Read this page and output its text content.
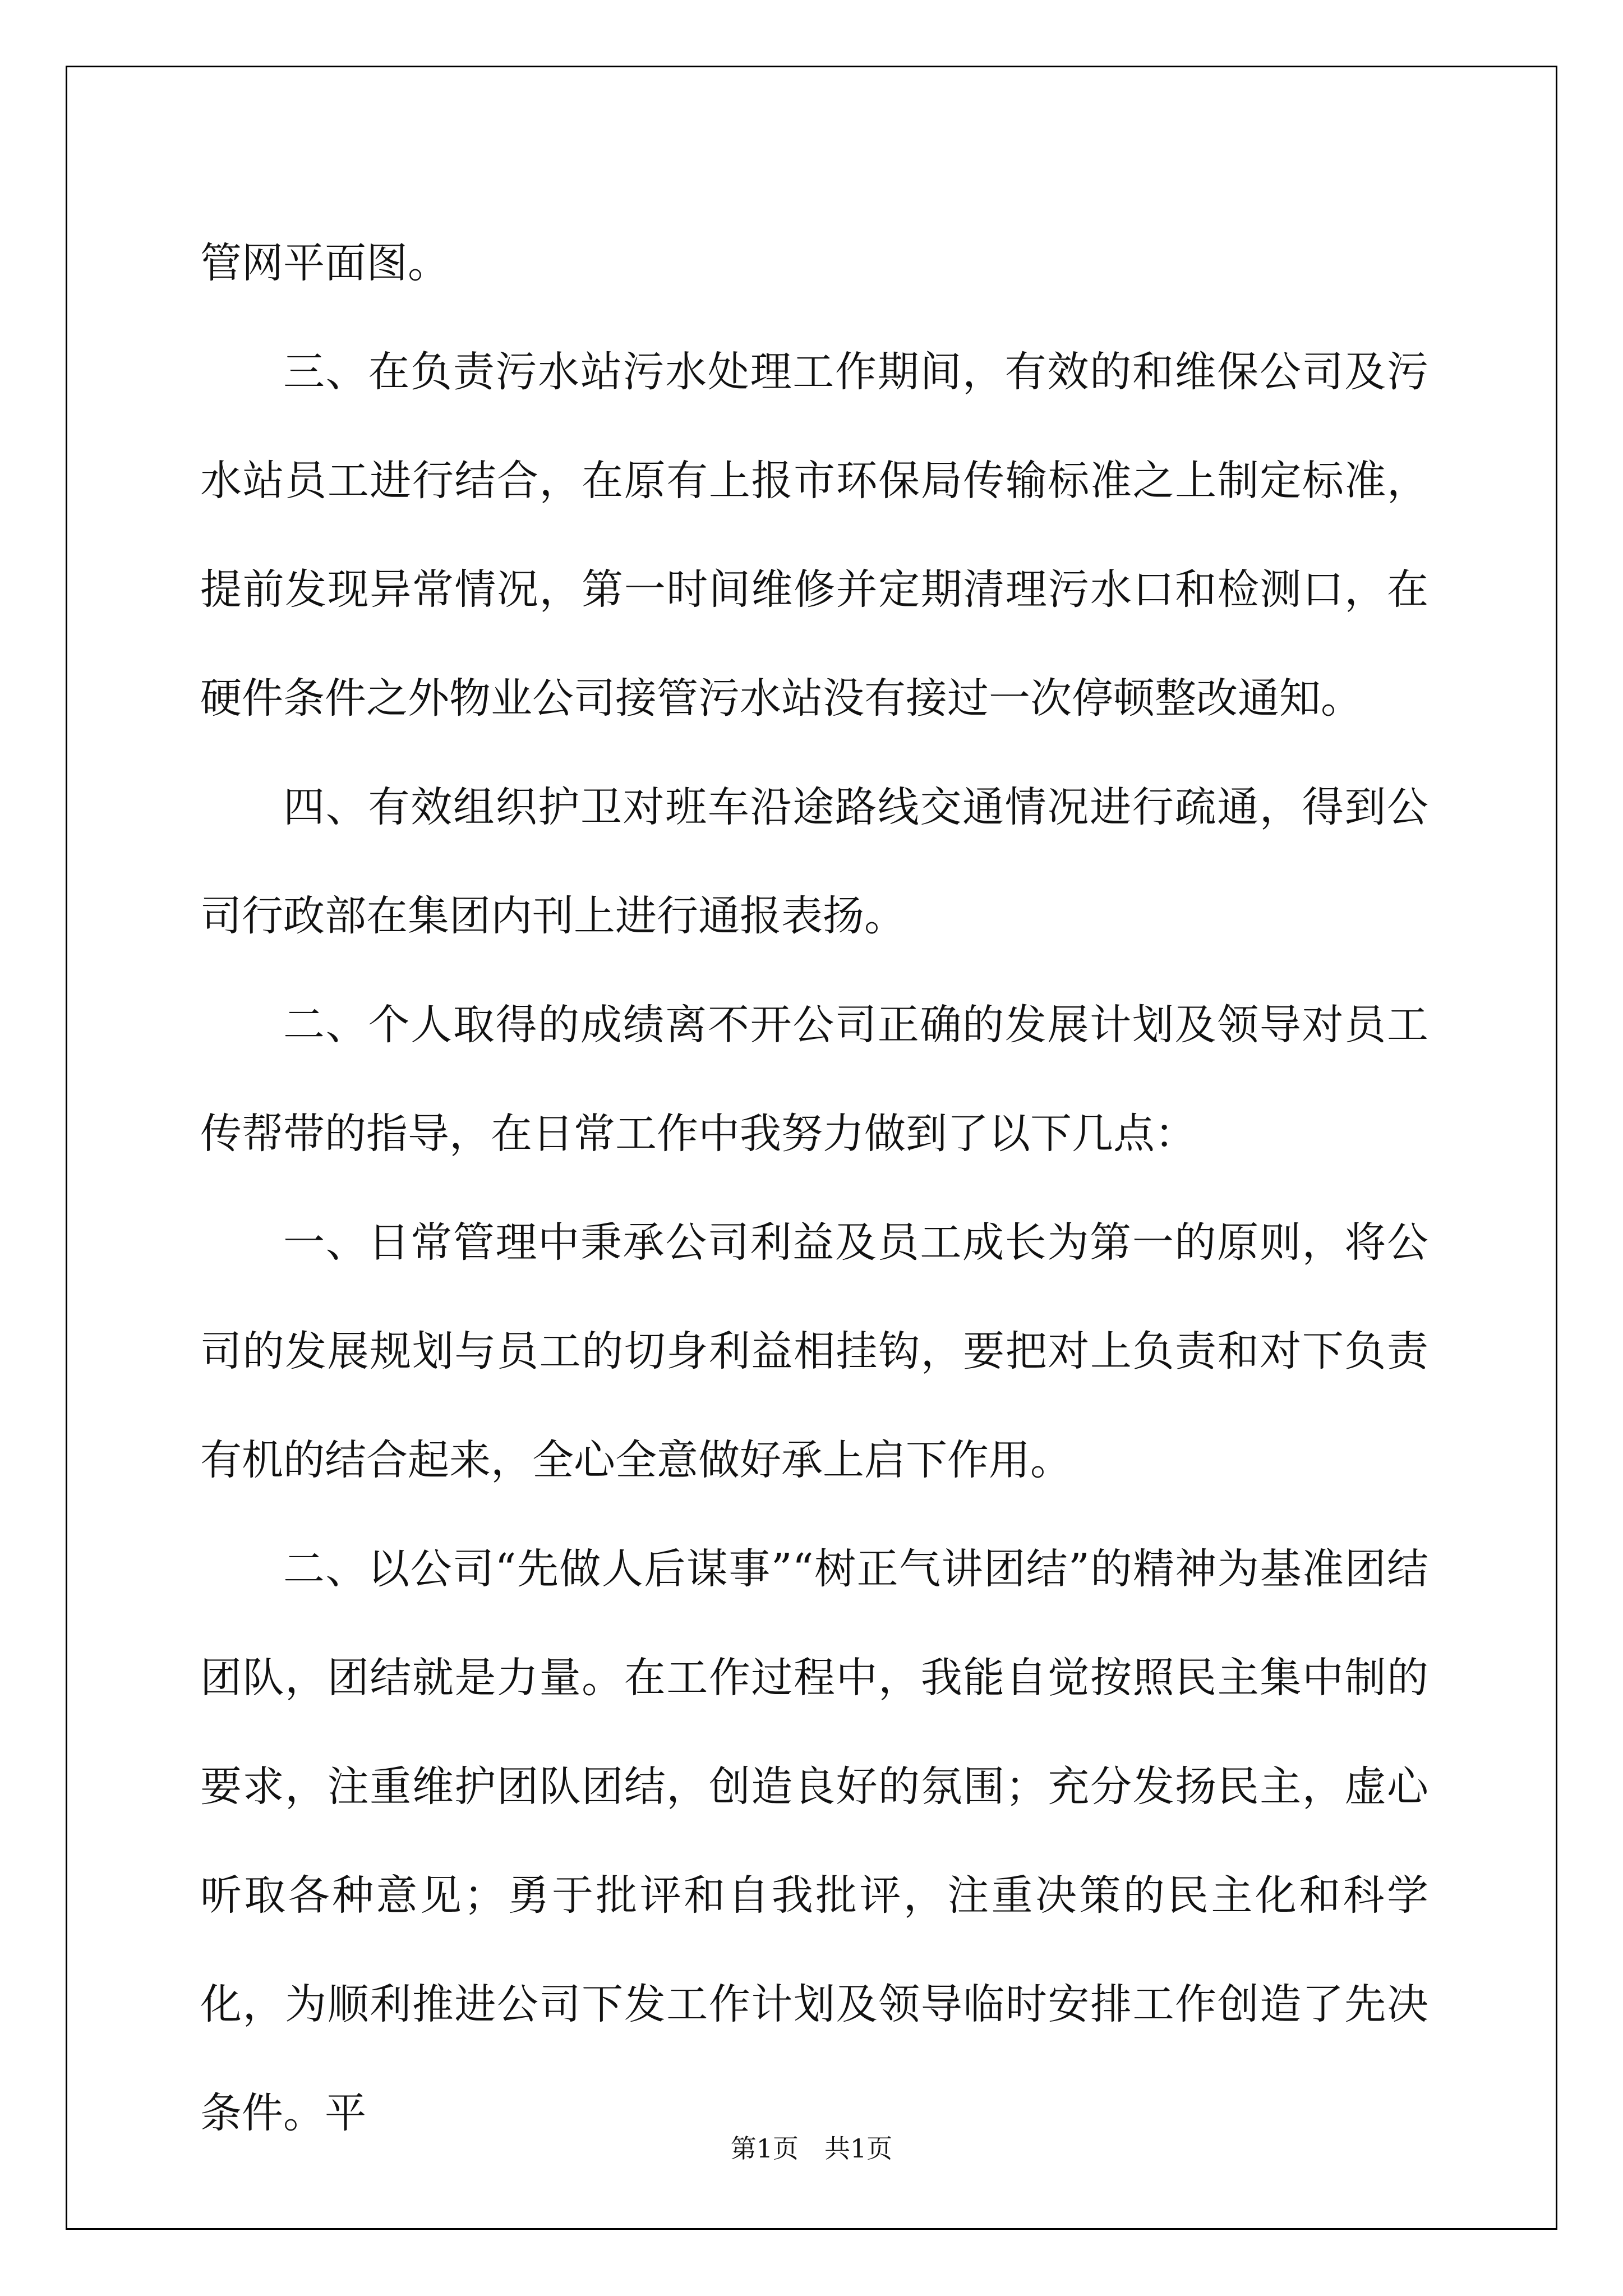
管网平面图。

三、在负责污水站污水处理工作期间，有效的和维保公司及污水站员工进行结合，在原有上报市环保局传输标准之上制定标准，提前发现异常情况，第一时间维修并定期清理污水口和检测口，在硬件条件之外物业公司接管污水站没有接过一次停顿整改通知。

四、有效组织护卫对班车沿途路线交通情况进行疏通，得到公司行政部在集团内刊上进行通报表扬。

二、个人取得的成绩离不开公司正确的发展计划及领导对员工传帮带的指导，在日常工作中我努力做到了以下几点：

一、日常管理中秉承公司利益及员工成长为第一的原则，将公司的发展规划与员工的切身利益相挂钩，要把对上负责和对下负责有机的结合起来，全心全意做好承上启下作用。

二、以公司“先做人后谋事”“树正气讲团结”的精神为基准团结团队，团结就是力量。在工作过程中，我能自觉按照民主集中制的要求，注重维护团队团结，创造良好的氛围；充分发扬民主，虚心听取各种意见；勇于批评和自我批评，注重决策的民主化和科学化，为顺利推进公司下发工作计划及领导临时安排工作创造了先决条件。平

第1页 共1页
